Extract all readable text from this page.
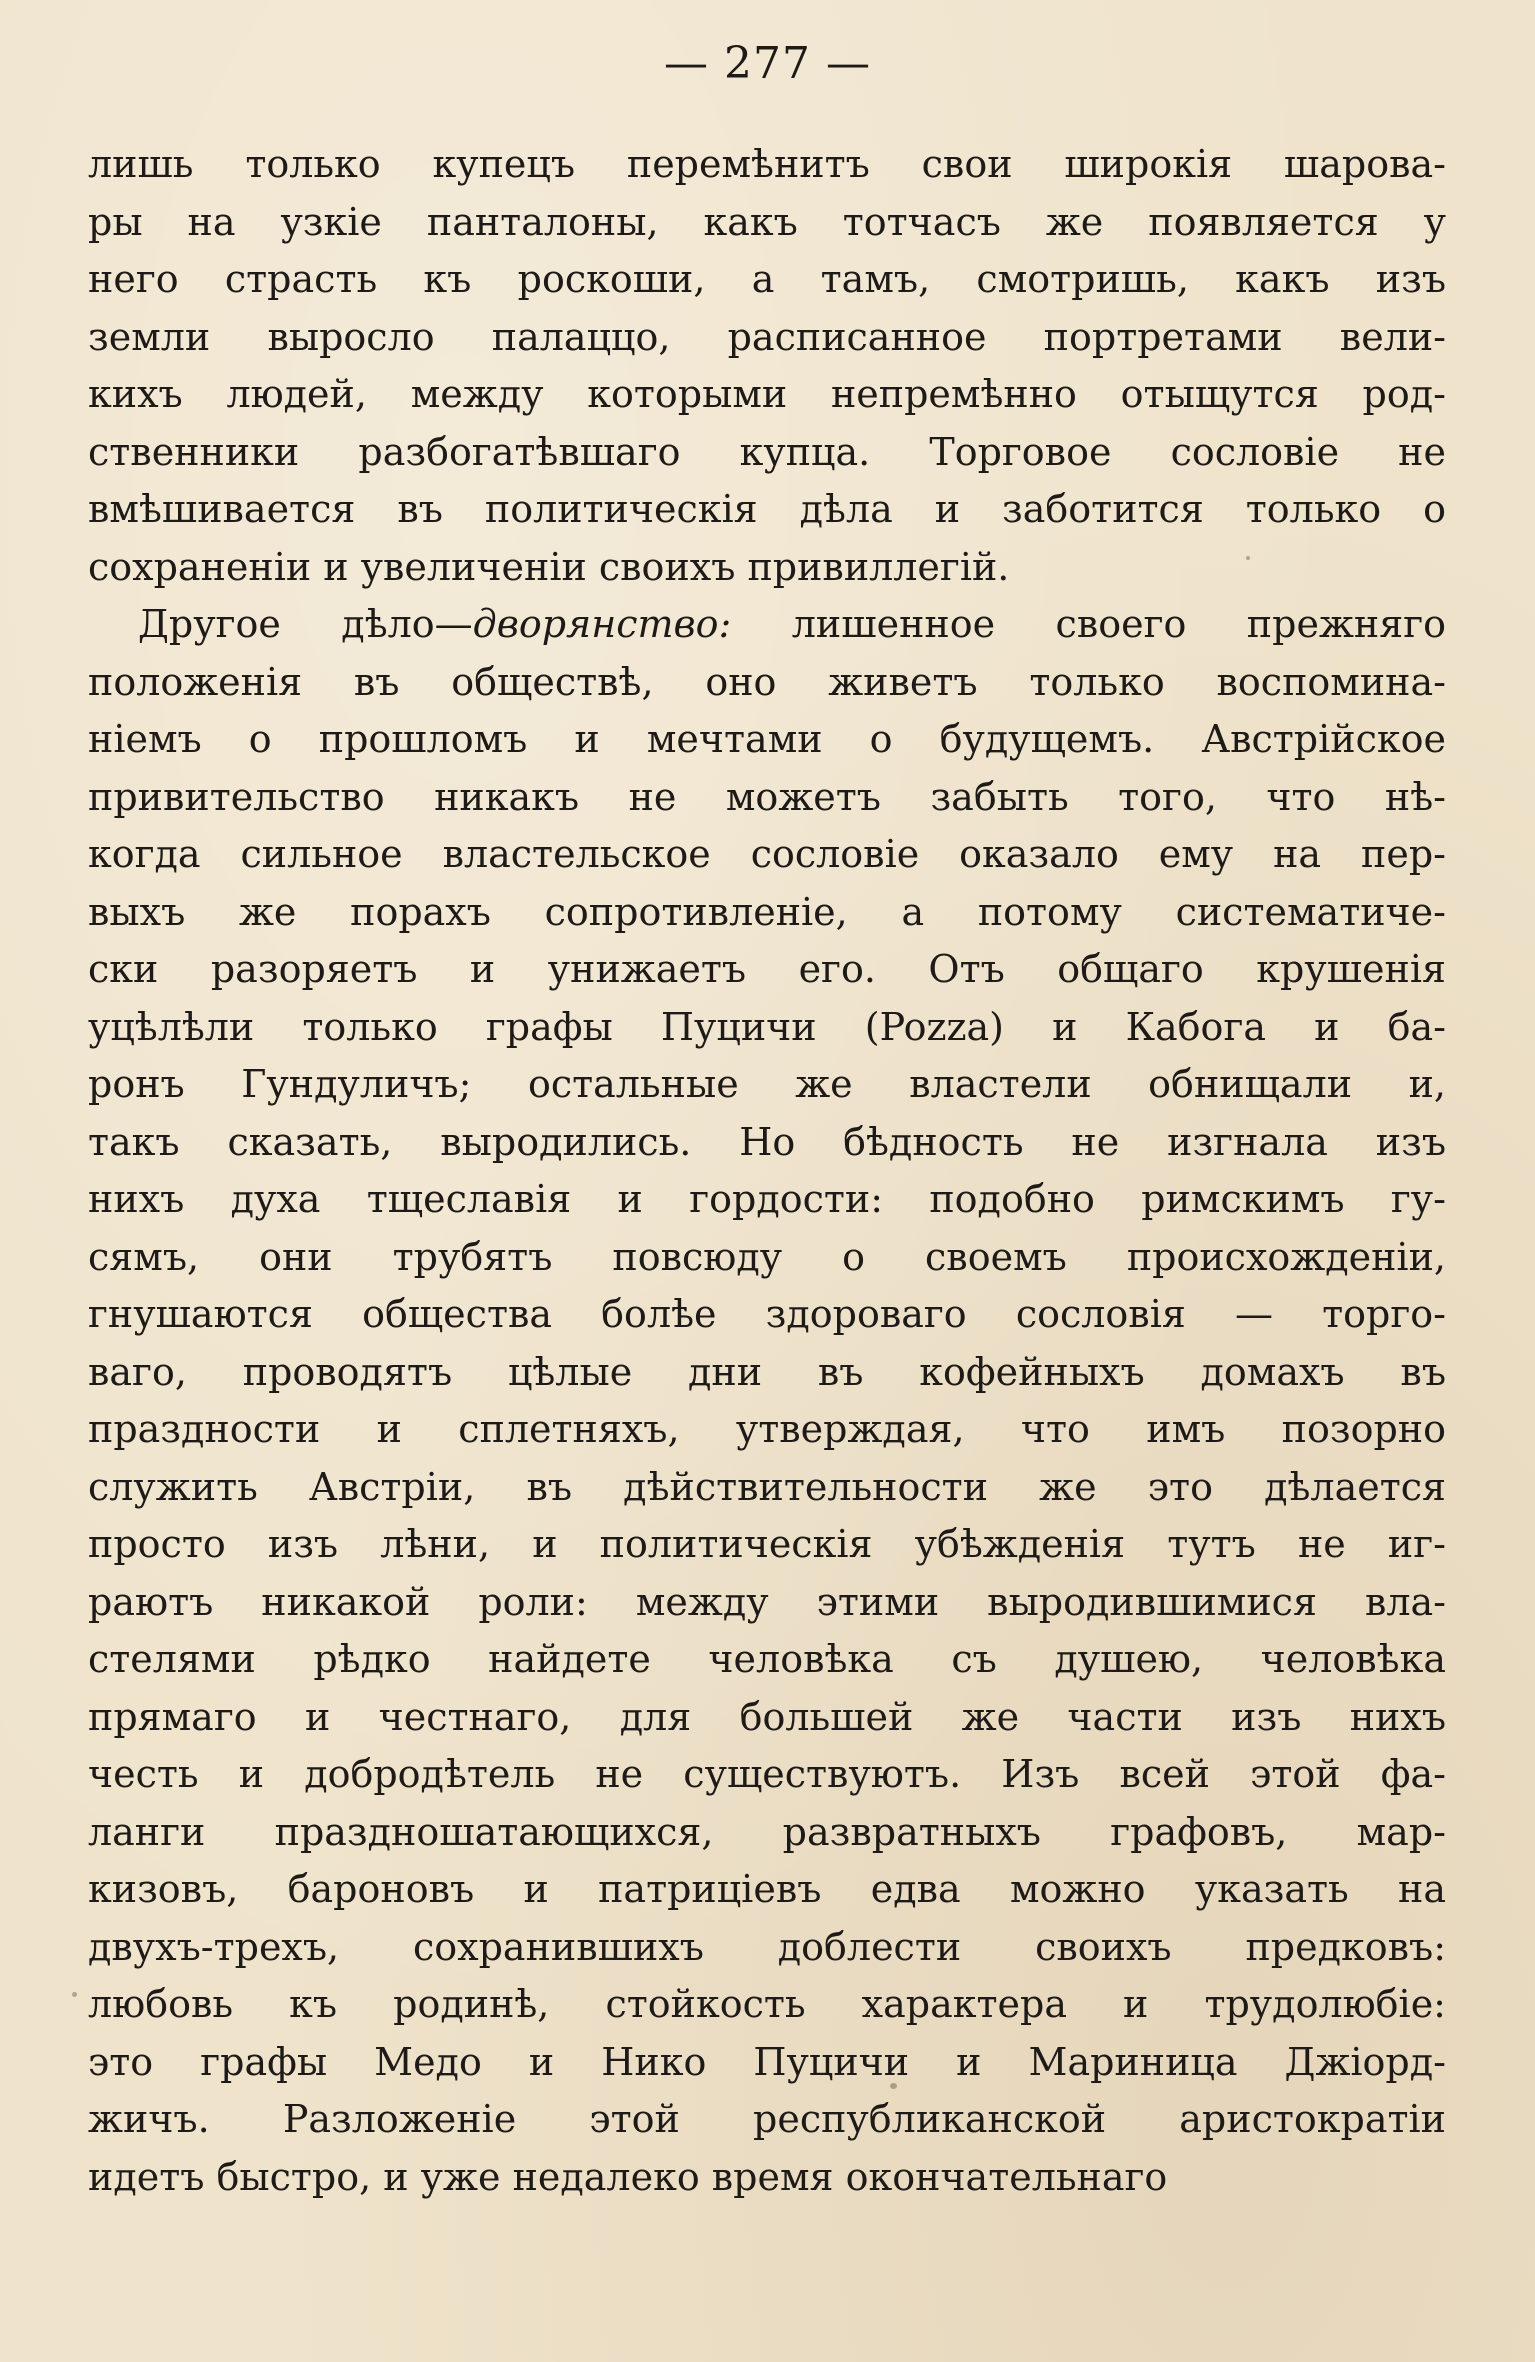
— 277 —
лишь только купецъ перемѣнитъ свои широкія шарова-
ры на узкіе панталоны, какъ тотчасъ же появляется у
него страсть къ роскоши, а тамъ, смотришь, какъ изъ
земли выросло палаццо, расписанное портретами вели-
кихъ людей, между которыми непремѣнно отыщутся род-
ственники разбогатѣвшаго купца. Торговое сословіе не
вмѣшивается въ политическія дѣла и заботится только о
сохраненіи и увеличеніи своихъ привиллегій.
Другое дѣло—дворянство: лишенное своего прежняго
положенія въ обществѣ, оно живетъ только воспомина-
ніемъ о прошломъ и мечтами о будущемъ. Австрійское
привительство никакъ не можетъ забыть того, что нѣ-
когда сильное властельское сословіе оказало ему на пер-
выхъ же порахъ сопротивленіе, а потому систематиче-
ски разоряетъ и унижаетъ его. Отъ общаго крушенія
уцѣлѣли только графы Пуцичи (Pozza) и Кабога и ба-
ронъ Гундуличъ; остальные же властели обнищали и,
такъ сказать, выродились. Но бѣдность не изгнала изъ
нихъ духа тщеславія и гордости: подобно римскимъ гу-
сямъ, они трубятъ повсюду о своемъ происхожденіи,
гнушаются общества болѣе здороваго сословія — торго-
ваго, проводятъ цѣлые дни въ кофейныхъ домахъ въ
праздности и сплетняхъ, утверждая, что имъ позорно
служить Австріи, въ дѣйствительности же это дѣлается
просто изъ лѣни, и политическія убѣжденія тутъ не иг-
раютъ никакой роли: между этими выродившимися вла-
стелями рѣдко найдете человѣка съ душею, человѣка
прямаго и честнаго, для большей же части изъ нихъ
честь и добродѣтель не существуютъ. Изъ всей этой фа-
ланги праздношатающихся, развратныхъ графовъ, мар-
кизовъ, бароновъ и патриціевъ едва можно указать на
двухъ-трехъ, сохранившихъ доблести своихъ предковъ:
любовь къ родинѣ, стойкость характера и трудолюбіе:
это графы Медо и Нико Пуцичи и Мариница Джіорд-
жичъ. Разложеніе этой республиканской аристократіи
идетъ быстро, и уже недалеко время окончательнаго
